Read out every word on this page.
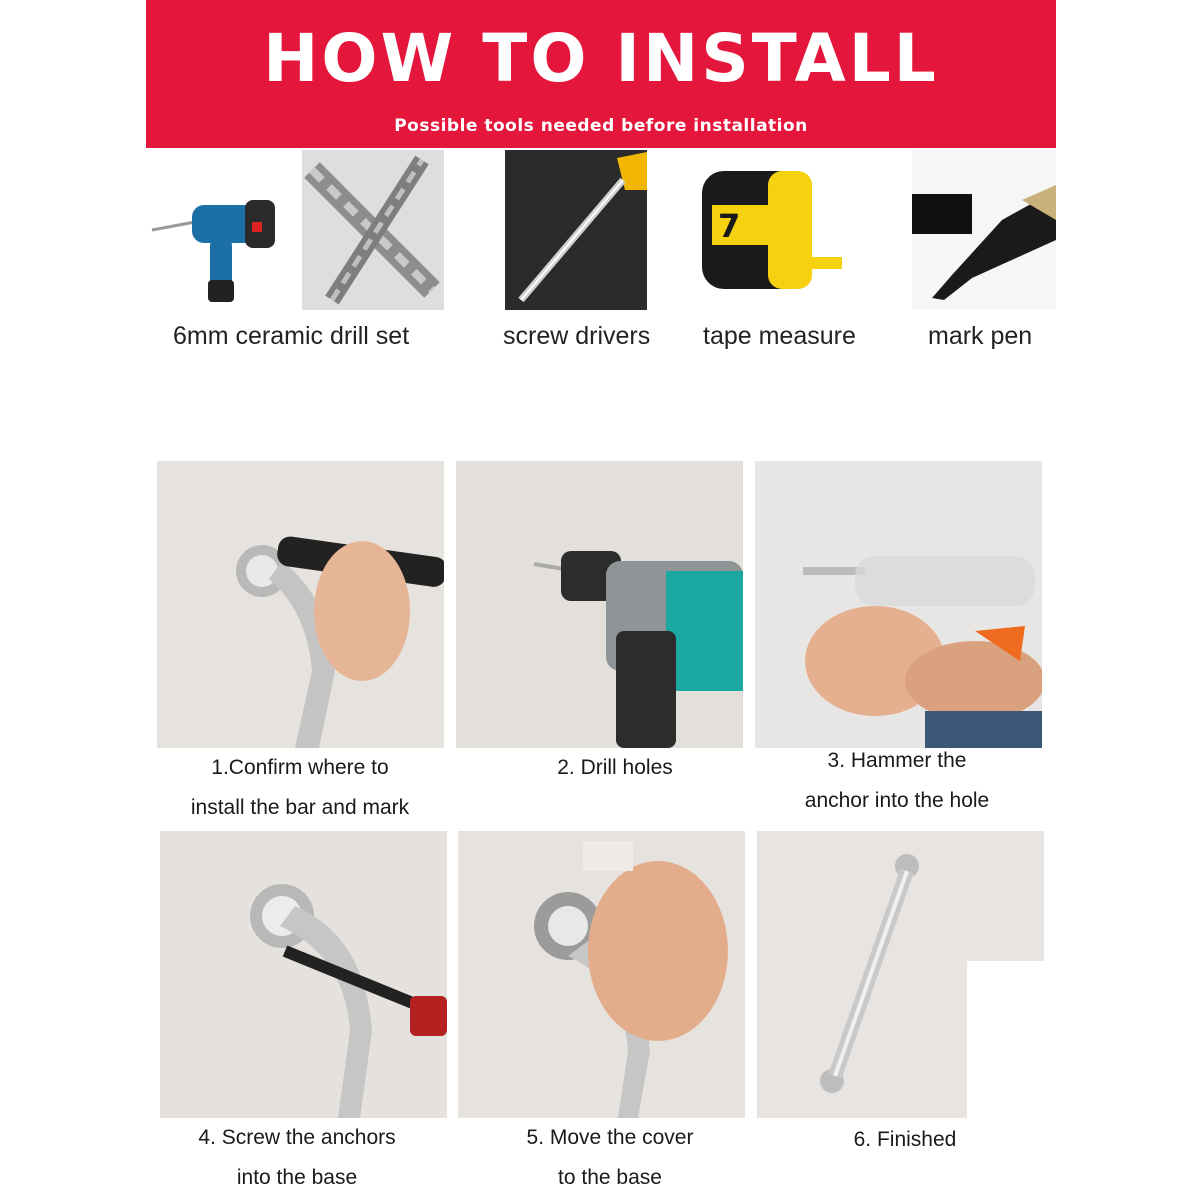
HOW TO INSTALL
Possible tools needed before installation
7
6mm ceramic drill set	screw drivers tape measure	mark pen
1.Confirm where to
install the bar and mark
2. Drill holes	3. Hammer the
anchor into the hole
4. Screw the anchors
into the base
5. Move the cover
to the base
6. Finished
